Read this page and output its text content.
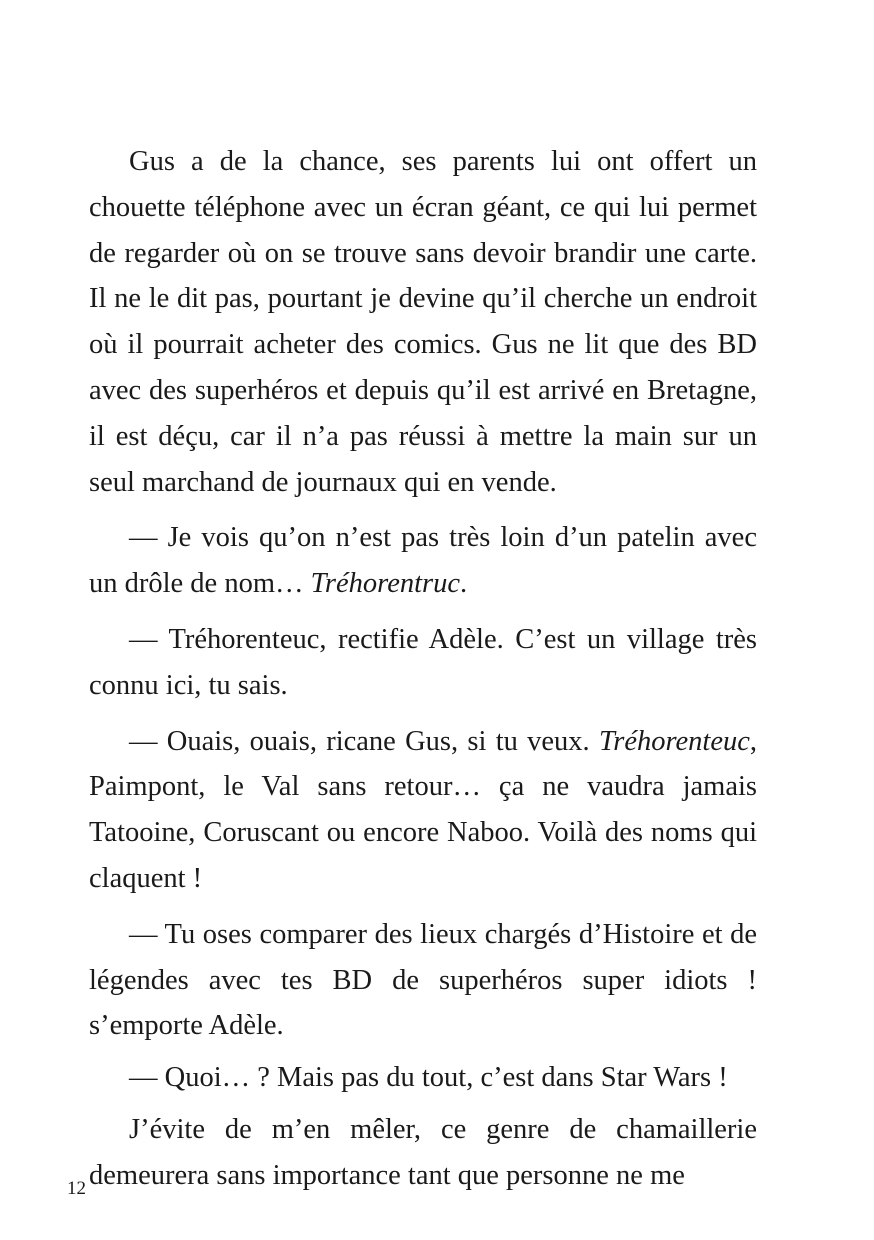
Gus a de la chance, ses parents lui ont offert un chouette téléphone avec un écran géant, ce qui lui permet de regarder où on se trouve sans devoir brandir une carte. Il ne le dit pas, pourtant je devine qu’il cherche un endroit où il pourrait acheter des comics. Gus ne lit que des BD avec des superhéros et depuis qu’il est arrivé en Bretagne, il est déçu, car il n’a pas réussi à mettre la main sur un seul marchand de journaux qui en vende.

— Je vois qu’on n’est pas très loin d’un patelin avec un drôle de nom… Tréhorentruc.

— Tréhorenteuc, rectifie Adèle. C’est un village très connu ici, tu sais.

— Ouais, ouais, ricane Gus, si tu veux. Tréhorenteuc, Paimpont, le Val sans retour… ça ne vaudra jamais Tatooine, Coruscant ou encore Naboo. Voilà des noms qui claquent !

— Tu oses comparer des lieux chargés d’Histoire et de légendes avec tes BD de superhéros super idiots ! s’emporte Adèle.

— Quoi… ? Mais pas du tout, c’est dans Star Wars !

J’évite de m’en mêler, ce genre de chamaillerie demeurera sans importance tant que personne ne me

12
